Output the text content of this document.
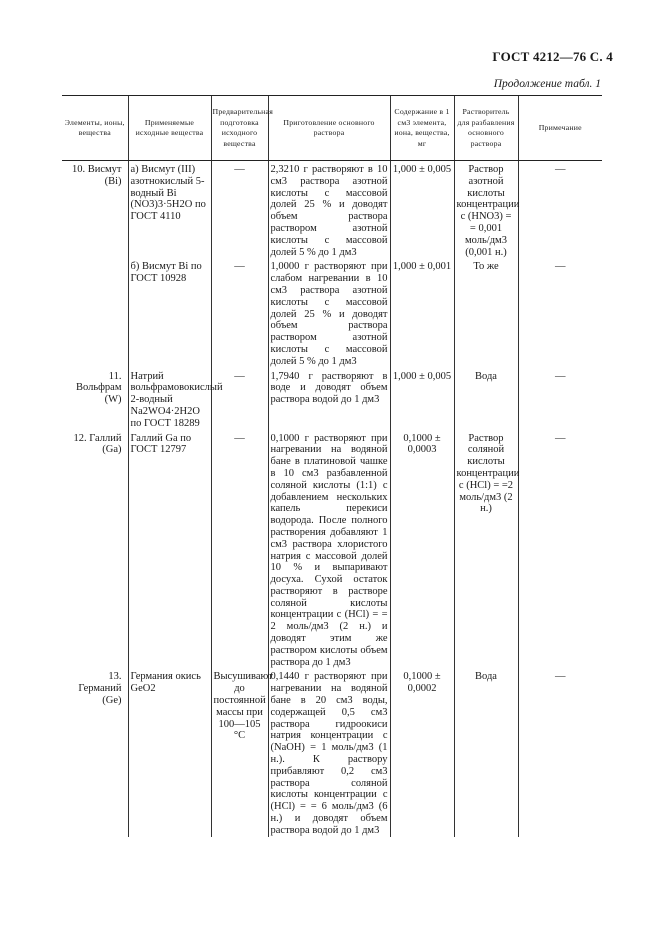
ГОСТ 4212—76 С. 4
Продолжение табл. 1
Элементы, ионы, вещества	Применяемые исходные вещества	Предварительная подготовка исходного вещества	Приготовление основного раствора	Содержание в 1 см3 элемента, иона, вещества, мг	Растворитель для разбавления основного раствора	Примечание
10. Висмут (Bi)	а) Висмут (III) азотнокислый 5-водный Bi (NO3)3·5H2O по ГОСТ 4110	—	2,3210 г растворяют в 10 см3 раствора азотной кислоты с массовой долей 25 % и доводят объем раствора раствором азотной кислоты с массовой долей 5 % до 1 дм3	1,000 ± 0,005	Раствор азотной кислоты концентрации c (HNO3) = = 0,001 моль/дм3 (0,001 н.)	—
	б) Висмут Bi по ГОСТ 10928	—	1,0000 г растворяют при слабом нагревании в 10 см3 раствора азотной кислоты с массовой долей 25 % и доводят объем раствора раствором азотной кислоты с массовой долей 5 % до 1 дм3	1,000 ± 0,001	То же	—
11. Вольфрам (W)	Натрий вольфрамовокислый 2-водный Na2WO4·2H2O по ГОСТ 18289	—	1,7940 г растворяют в воде и доводят объем раствора водой до 1 дм3	1,000 ± 0,005	Вода	—
12. Галлий (Ga)	Галлий Ga по ГОСТ 12797	—	0,1000 г растворяют при нагревании на водяной бане в платиновой чашке в 10 см3 разбавленной соляной кислоты (1:1) с добавлением нескольких капель перекиси водорода. После полного растворения добавляют 1 см3 раствора хлористого натрия с массовой долей 10 % и выпаривают досуха. Сухой остаток растворяют в растворе соляной кислоты концентрации c (HCl) = = 2 моль/дм3 (2 н.) и доводят этим же раствором кислоты объем раствора до 1 дм3	0,1000 ± 0,0003	Раствор соляной кислоты концентрации c (HCl) = =2 моль/дм3 (2 н.)	—
13. Германий (Ge)	Германия окись GeO2	Высушивают до постоянной массы при 100—105 °С	0,1440 г растворяют при нагревании на водяной бане в 20 см3 воды, содержащей 0,5 см3 раствора гидроокиси натрия концентрации c (NaOH) = 1 моль/дм3 (1 н.). К раствору прибавляют 0,2 см3 раствора соляной кислоты концентрации c (HCl) = = 6 моль/дм3 (6 н.) и доводят объем раствора водой до 1 дм3	0,1000 ± 0,0002	Вода	—
